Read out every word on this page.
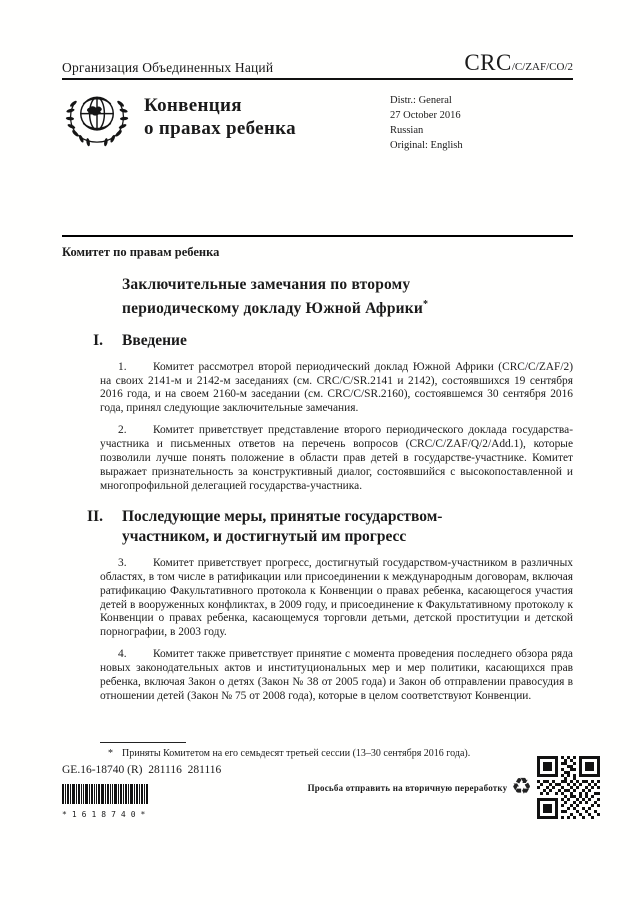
Организация Объединенных Наций	CRC/C/ZAF/CO/2
Конвенция
о правах ребенка
Distr.: General
27 October 2016
Russian
Original: English
Комитет по правам ребенка
Заключительные замечания по второму
периодическому докладу Южной Африки*
I. Введение

1. Комитет рассмотрел второй периодический доклад Южной Африки (CRC/C/ZAF/2) на своих 2141-м и 2142-м заседаниях (см. CRC/C/SR.2141 и 2142), состоявшихся 19 сентября 2016 года, и на своем 2160-м заседании (см. CRC/C/SR.2160), состоявшемся 30 сентября 2016 года, принял следующие заключительные замечания.

2. Комитет приветствует представление второго периодического доклада государства-участника и письменных ответов на перечень вопросов (CRC/C/ZAF/Q/2/Add.1), которые позволили лучше понять положение в области прав детей в государстве-участнике. Комитет выражает признательность за конструктивный диалог, состоявшийся с высокопоставленной и многопрофильной делегацией государства-участника.

II. Последующие меры, принятые государством-участником, и достигнутый им прогресс

3. Комитет приветствует прогресс, достигнутый государством-участником в различных областях, в том числе в ратификации или присоединении к международным договорам, включая ратификацию Факультативного протокола к Конвенции о правах ребенка, касающегося участия детей в вооруженных конфликтах, в 2009 году, и присоединение к Факультативному протоколу к Конвенции о правах ребенка, касающемуся торговли детьми, детской проституции и детской порнографии, в 2003 году.

4. Комитет также приветствует принятие с момента проведения последнего обзора ряда новых законодательных актов и институциональных мер и мер политики, касающихся прав ребенка, включая Закон о детях (Закон № 38 от 2005 года) и Закон об отправлении правосудия в отношении детей (Закон № 75 от 2008 года), которые в целом соответствуют Конвенции.

* Приняты Комитетом на его семьдесят третьей сессии (13–30 сентября 2016 года).
GE.16-18740 (R) 281116 281116
*1618740*
Просьба отправить на вторичную переработку ♻
